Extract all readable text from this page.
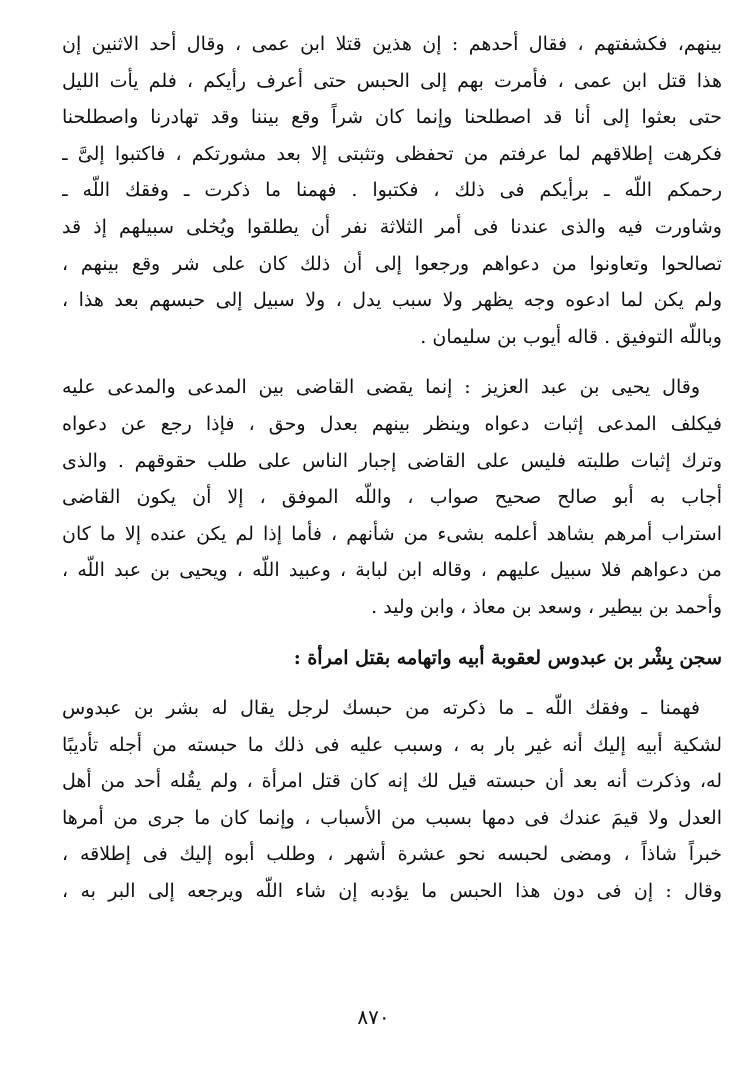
بينهم، فكشفتهم ، فقال أحدهم : إن هذين قتلا ابن عمى ، وقال أحد الاثنين إن
هذا قتل ابن عمى ، فأمرت بهم إلى الحبس حتى أعرف رأيكم ، فلم يأت الليل
حتى بعثوا إلى أنا قد اصطلحنا وإنما كان شراً وقع بيننا وقد تهادرنا واصطلحنا
فكرهت إطلاقهم لما عرفتم من تحفظى وتثبتى إلا بعد مشورتكم ، فاكتبوا إلىَّ ـ
رحمكم اللّه ـ برأيكم فى ذلك ، فكتبوا . فهمنا ما ذكرت ـ وفقك اللّه ـ
وشاورت فيه والذى عندنا فى أمر الثلاثة نفر أن يطلقوا ويُخلى سبيلهم إذ قد
تصالحوا وتعاونوا من دعواهم ورجعوا إلى أن ذلك كان على شر وقع بينهم ،
ولم يكن لما ادعوه وجه يظهر ولا سبب يدل ، ولا سبيل إلى حبسهم بعد هذا ،
وباللّه التوفيق . قاله أيوب بن سليمان .
وقال يحيى بن عبد العزيز : إنما يقضى القاضى بين المدعى والمدعى عليه
فيكلف المدعى إثبات دعواه وينظر بينهم بعدل وحق ، فإذا رجع عن دعواه
وترك إثبات طلبته فليس على القاضى إجبار الناس على طلب حقوقهم . والذى
أجاب به أبو صالح صحيح صواب ، واللّه الموفق ، إلا أن يكون القاضى
استراب أمرهم بشاهد أعلمه بشىء من شأنهم ، فأما إذا لم يكن عنده إلا ما كان
من دعواهم فلا سبيل عليهم ، وقاله ابن لبابة ، وعبيد اللّه ، ويحيى بن عبد اللّه ،
وأحمد بن بيطير ، وسعد بن معاذ ، وابن وليد .
سجن بِشْر بن عبدوس لعقوبة أبيه واتهامه بقتل امرأة :
فهمنا ـ وفقك اللّه ـ ما ذكرته من حبسك لرجل يقال له بشر بن عبدوس
لشكية أبيه إليك أنه غير بار به ، وسبب عليه فى ذلك ما حبسته من أجله تأديبًا
له، وذكرت أنه بعد أن حبسته قيل لك إنه كان قتل امرأة ، ولم يقُله أحد من أهل
العدل ولا قيمَ عندك فى دمها بسبب من الأسباب ، وإنما كان ما جرى من أمرها
خبراً شاذاً ، ومضى لحبسه نحو عشرة أشهر ، وطلب أبوه إليك فى إطلاقه ،
وقال : إن فى دون هذا الحبس ما يؤدبه إن شاء اللّه ويرجعه إلى البر به ،
٨٧٠
